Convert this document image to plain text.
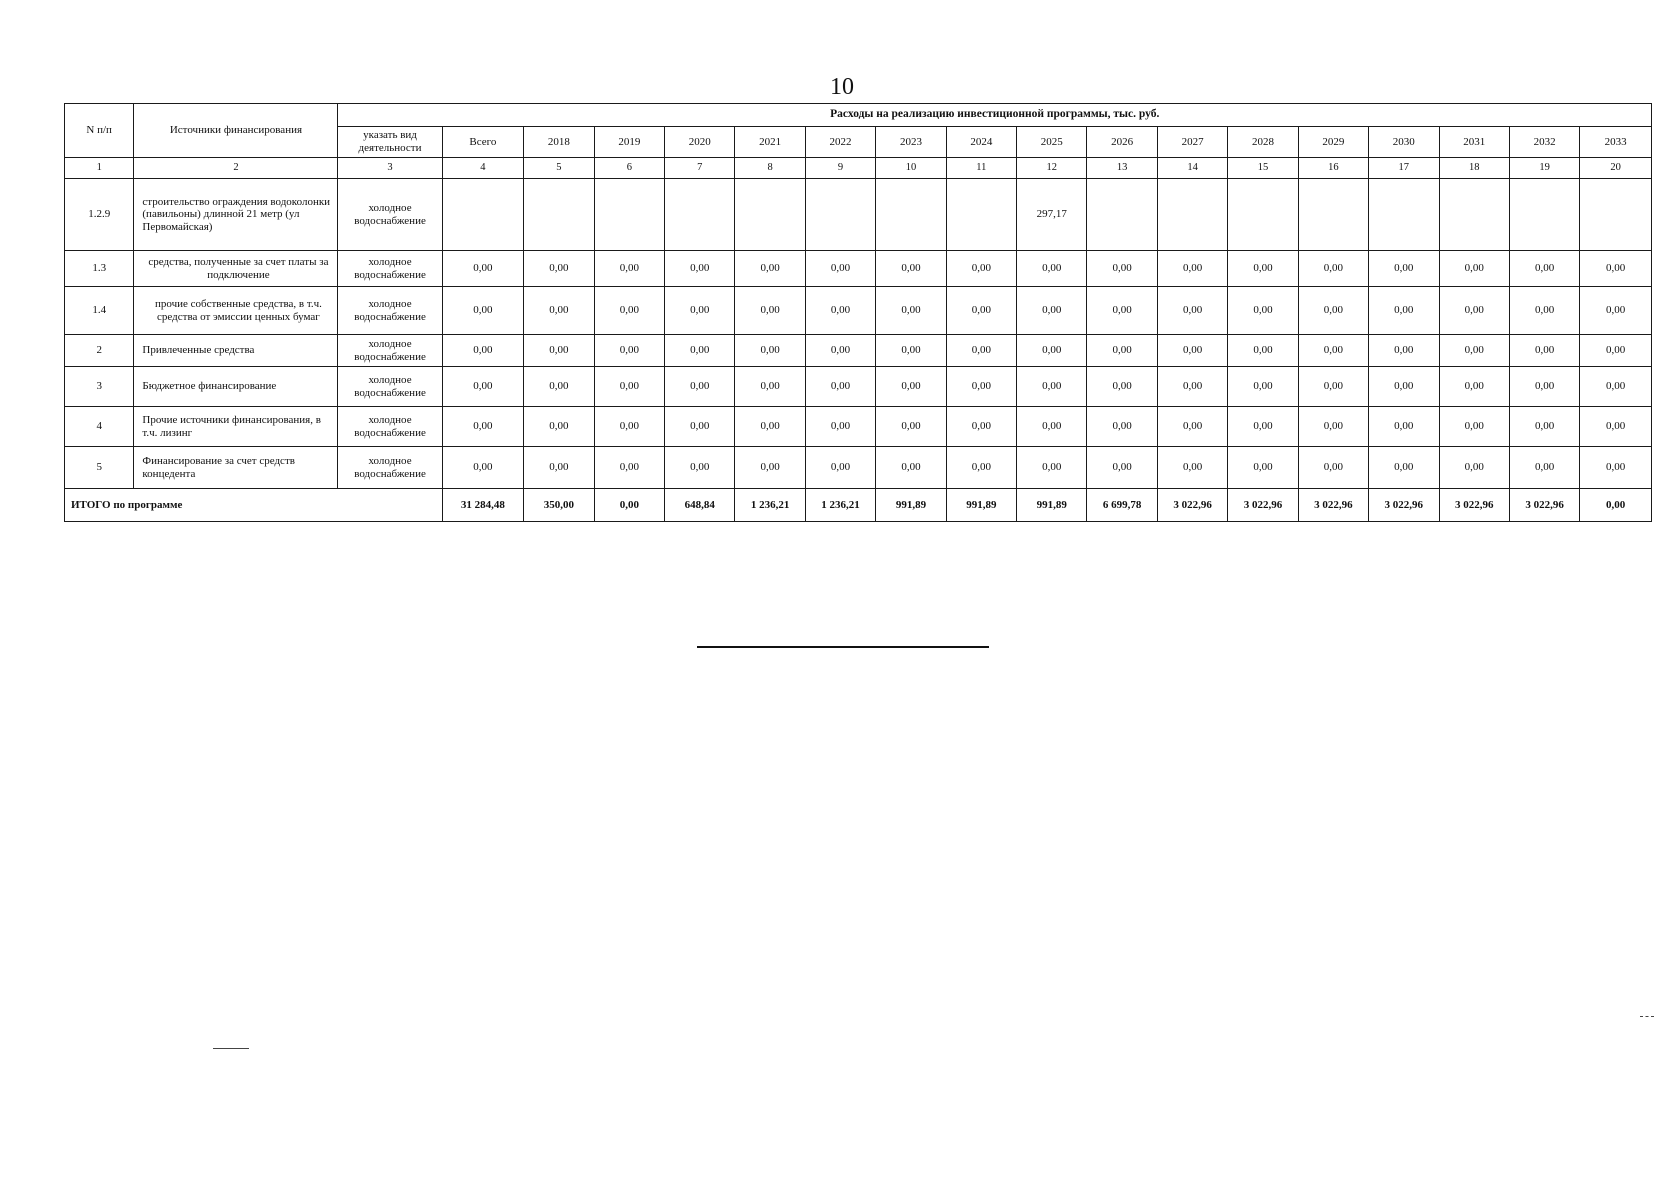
10
N п/п	Источники финансирования	Расходы на реализацию инвестиционной программы, тыс. руб.																	
		указать вид деятельности	Всего	2018	2019	2020	2021	2022	2023	2024	2025	2026	2027	2028	2029	2030	2031	2032	2033
1	2	3	4	5	6	7	8	9	10	11	12	13	14	15	16	17	18	19	20
1.2.9	строительство ограждения водоколонки (павильоны) длинной 21 метр (ул Первомайская)	холодное водоснабжение									297,17								
1.3	средства, полученные за счет платы за подключение	холодное водоснабжение	0,00	0,00	0,00	0,00	0,00	0,00	0,00	0,00	0,00	0,00	0,00	0,00	0,00	0,00	0,00	0,00	0,00
1.4	прочие собственные средства, в т.ч. средства от эмиссии ценных бумаг	холодное водоснабжение	0,00	0,00	0,00	0,00	0,00	0,00	0,00	0,00	0,00	0,00	0,00	0,00	0,00	0,00	0,00	0,00	0,00
2	Привлеченные средства	холодное водоснабжение	0,00	0,00	0,00	0,00	0,00	0,00	0,00	0,00	0,00	0,00	0,00	0,00	0,00	0,00	0,00	0,00	0,00
3	Бюджетное финансирование	холодное водоснабжение	0,00	0,00	0,00	0,00	0,00	0,00	0,00	0,00	0,00	0,00	0,00	0,00	0,00	0,00	0,00	0,00	0,00
4	Прочие источники финансирования, в т.ч. лизинг	холодное водоснабжение	0,00	0,00	0,00	0,00	0,00	0,00	0,00	0,00	0,00	0,00	0,00	0,00	0,00	0,00	0,00	0,00	0,00
5	Финансирование за счет средств концедента	холодное водоснабжение	0,00	0,00	0,00	0,00	0,00	0,00	0,00	0,00	0,00	0,00	0,00	0,00	0,00	0,00	0,00	0,00	0,00
ИТОГО по программе			31 284,48	350,00	0,00	648,84	1 236,21	1 236,21	991,89	991,89	991,89	6 699,78	3 022,96	3 022,96	3 022,96	3 022,96	3 022,96	3 022,96	0,00
